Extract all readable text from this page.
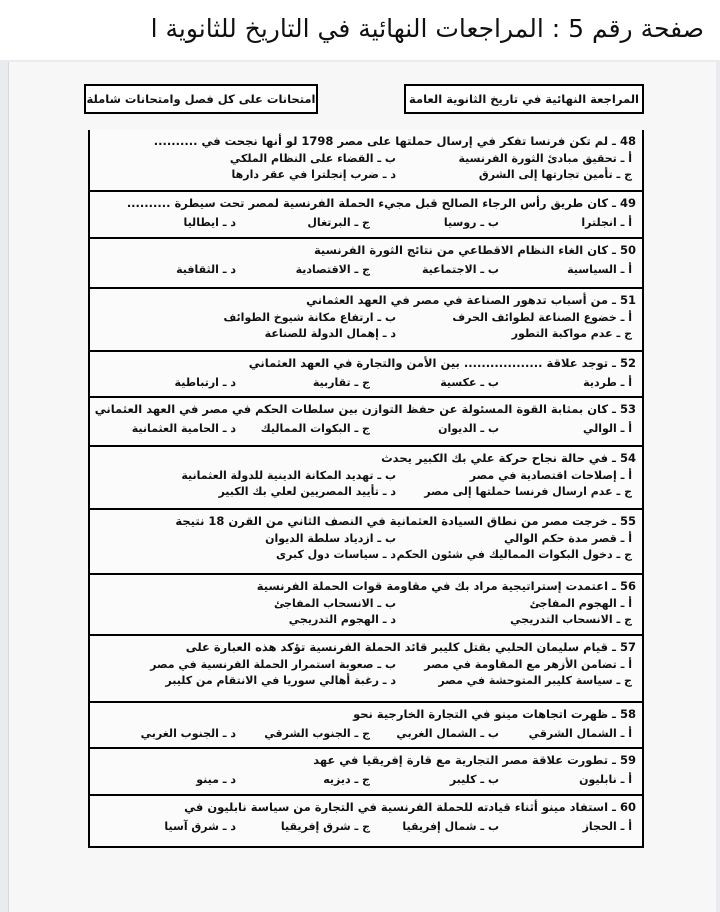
صفحة رقم 5 : المراجعات النهائية في التاريخ للثانوية ا
المراجعة النهائية في تاريخ الثانوية العامة
امتحانات على كل فصل وامتحانات شاملة
48 ـ لم تكن فرنسا تفكر في إرسال حملتها على مصر 1798 لو أنها نجحت في ..........
أ ـ تحقيق مبادئ الثورة الفرنسية
ب ـ القضاء على النظام الملكي
ج ـ تأمين تجارتها إلى الشرق
د ـ ضرب إنجلترا في عقر دارها
49 ـ كان طريق رأس الرجاء الصالح قبل مجيء الحملة الفرنسية لمصر تحت سيطرة ..........
أ ـ انجلترا
ب ـ روسيا
ج ـ البرتغال
د ـ ايطاليا
50 ـ كان الغاء النظام الاقطاعي من نتائج الثورة الفرنسية
أ ـ السياسية
ب ـ الاجتماعية
ج ـ الاقتصادية
د ـ الثقافية
51 ـ من أسباب تدهور الصناعة في مصر في العهد العثماني
أ ـ خضوع الصناعة لطوائف الحرف
ب ـ ارتفاع مكانة شيوخ الطوائف
ج ـ عدم مواكبة التطور
د ـ إهمال الدولة للصناعة
52 ـ توجد علاقة .................. بين الأمن والتجارة في العهد العثماني
أ ـ طردية
ب ـ عكسية
ج ـ تقاربية
د ـ ارتباطية
53 ـ كان بمثابة القوة المسئولة عن حفظ التوازن بين سلطات الحكم في مصر في العهد العثماني
أ ـ الوالي
ب ـ الديوان
ج ـ البكوات المماليك
د ـ الحامية العثمانية
54 ـ في حالة نجاح حركة علي بك الكبير يحدث
أ ـ إصلاحات اقتصادية في مصر
ب ـ تهديد المكانة الدينية للدولة العثمانية
ج ـ عدم ارسال فرنسا حملتها إلى مصر
د ـ تأييد المصريين لعلي بك الكبير
55 ـ خرجت مصر من نطاق السيادة العثمانية في النصف الثاني من القرن 18 نتيجة
أ ـ قصر مدة حكم الوالي
ب ـ ازدياد سلطة الديوان
ج ـ دخول البكوات المماليك في شئون الحكم
د ـ سياسات دول كبرى
56 ـ اعتمدت إستراتيجية مراد بك في مقاومة قوات الحملة الفرنسية
أ ـ الهجوم المفاجئ
ب ـ الانسحاب المفاجئ
ج ـ الانسحاب التدريجي
د ـ الهجوم التدريجي
57 ـ قيام سليمان الحلبي بقتل كليبر قائد الحملة الفرنسية تؤكد هذه العبارة على
أ ـ تضامن الأزهر مع المقاومة في مصر
ب ـ صعوبة استمرار الحملة الفرنسية في مصر
ج ـ سياسة كليبر المتوحشة في مصر
د ـ رغبة أهالي سوريا في الانتقام من كليبر
58 ـ ظهرت اتجاهات مينو في التجارة الخارجية نحو
أ ـ الشمال الشرقي
ب ـ الشمال الغربي
ج ـ الجنوب الشرقي
د ـ الجنوب الغربي
59 ـ تطورت علاقة مصر التجارية مع قارة إفريقيا في عهد
أ ـ نابليون
ب ـ كليبر
ج ـ ديزيه
د ـ مينو
60 ـ استفاد مينو أثناء قيادته للحملة الفرنسية في التجارة من سياسة نابليون في
أ ـ الحجاز
ب ـ شمال إفريقيا
ج ـ شرق إفريقيا
د ـ شرق آسيا
